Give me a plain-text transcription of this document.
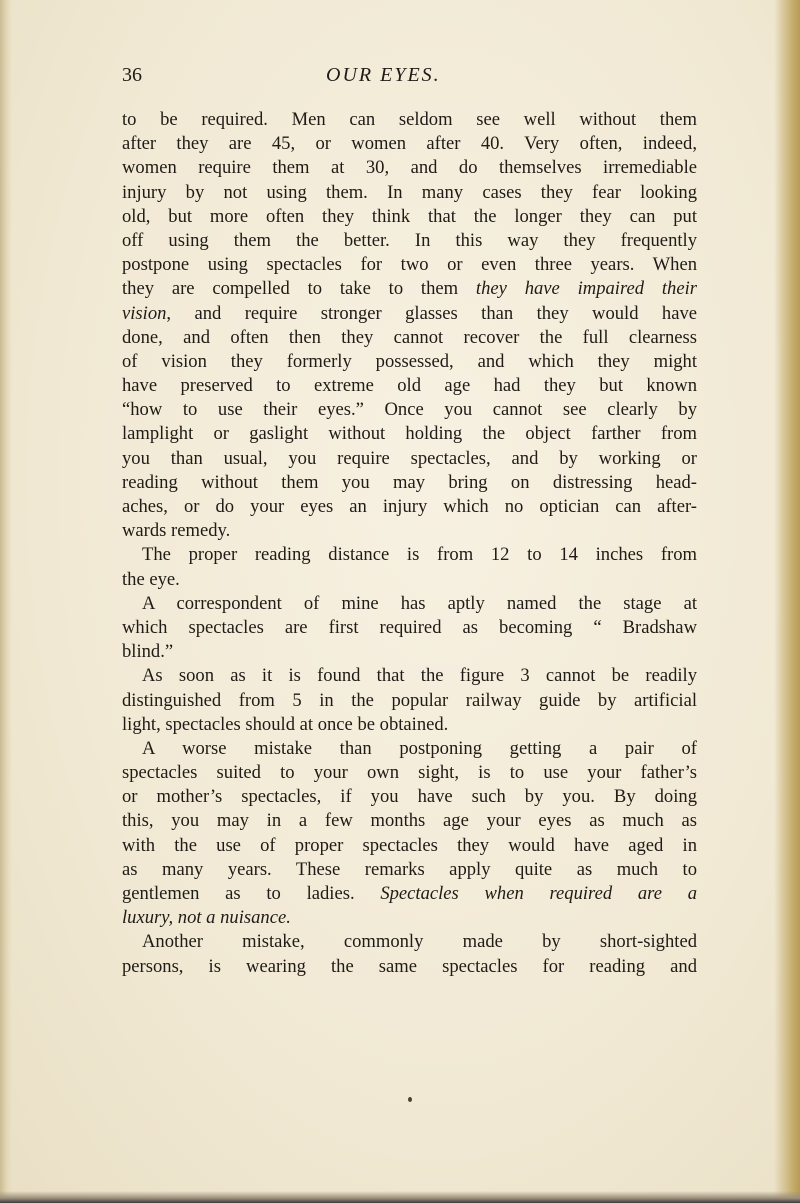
36	OUR EYES.
to be required. Men can seldom see well without them
after they are 45, or women after 40. Very often, indeed,
women require them at 30, and do themselves irremediable
injury by not using them. In many cases they fear looking
old, but more often they think that the longer they can put
off using them the better. In this way they frequently
postpone using spectacles for two or even three years. When
they are compelled to take to them they have impaired their
vision, and require stronger glasses than they would have
done, and often then they cannot recover the full clearness
of vision they formerly possessed, and which they might
have preserved to extreme old age had they but known
“how to use their eyes.” Once you cannot see clearly by
lamplight or gaslight without holding the object farther from
you than usual, you require spectacles, and by working or
reading without them you may bring on distressing head-
aches, or do your eyes an injury which no optician can after-
wards remedy.
The proper reading distance is from 12 to 14 inches from
the eye.
A correspondent of mine has aptly named the stage at
which spectacles are first required as becoming “ Bradshaw
blind.”
As soon as it is found that the figure 3 cannot be readily
distinguished from 5 in the popular railway guide by artificial
light, spectacles should at once be obtained.
A worse mistake than postponing getting a pair of
spectacles suited to your own sight, is to use your father’s
or mother’s spectacles, if you have such by you. By doing
this, you may in a few months age your eyes as much as
with the use of proper spectacles they would have aged in
as many years. These remarks apply quite as much to
gentlemen as to ladies. Spectacles when required are a
luxury, not a nuisance.
Another mistake, commonly made by short-sighted
persons, is wearing the same spectacles for reading and
